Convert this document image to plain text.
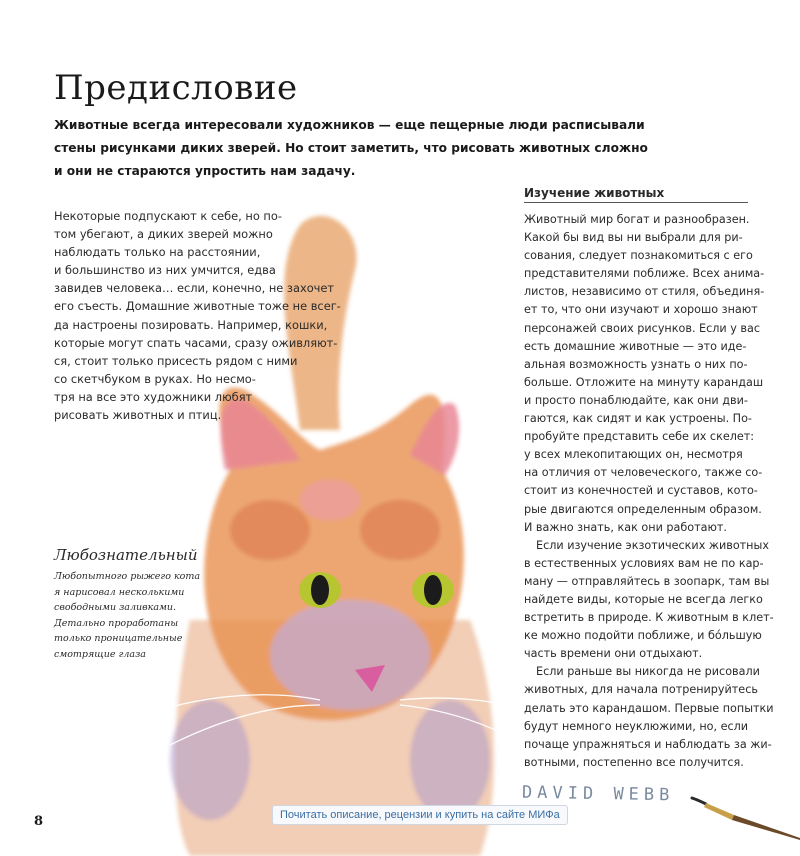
Предисловие
Животные всегда интересовали художников — еще пещерные люди расписывали
стены рисунками диких зверей. Но стоит заметить, что рисовать животных сложно
и они не стараются упростить нам задачу.
Некоторые подпускают к себе, но по-
том убегают, а диких зверей можно
наблюдать только на расстоянии,
и большинство из них умчится, едва
завидев человека… если, конечно, не захочет
его съесть. Домашние животные тоже не всег-
да настроены позировать. Например, кошки,
которые могут спать часами, сразу оживляют-
ся, стоит только присесть рядом с ними
со скетчбуком в руках. Но несмо-
тря на все это художники любят
рисовать животных и птиц.
Изучение животных
Животный мир богат и разнообразен.
Какой бы вид вы ни выбрали для ри-
сования, следует познакомиться с его
представителями поближе. Всех анима-
листов, независимо от стиля, объединя-
ет то, что они изучают и хорошо знают
персонажей своих рисунков. Если у вас
есть домашние животные — это иде-
альная возможность узнать о них по-
больше. Отложите на минуту карандаш
и просто понаблюдайте, как они дви-
гаются, как сидят и как устроены. По-
пробуйте представить себе их скелет:
у всех млекопитающих он, несмотря
на отличия от человеческого, также со-
стоит из конечностей и суставов, кото-
рые двигаются определенным образом.
И важно знать, как они работают.
Если изучение экзотических животных
в естественных условиях вам не по кар-
ману — отправляйтесь в зоопарк, там вы
найдете виды, которые не всегда легко
встретить в природе. К животным в клет-
ке можно подойти поближе, и бóльшую
часть времени они отдыхают.
Если раньше вы никогда не рисовали
животных, для начала потренируйтесь
делать это карандашом. Первые попытки
будут немного неуклюжими, но, если
почаще упражняться и наблюдать за жи-
вотными, постепенно все получится.
Любознательный
Любопытного рыжего кота
я нарисовал несколькими
свободными заливками.
Детально проработаны
только проницательные
смотрящие глаза
DAVID WEBB
8	Почитать описание, рецензии и купить на сайте МИФа
